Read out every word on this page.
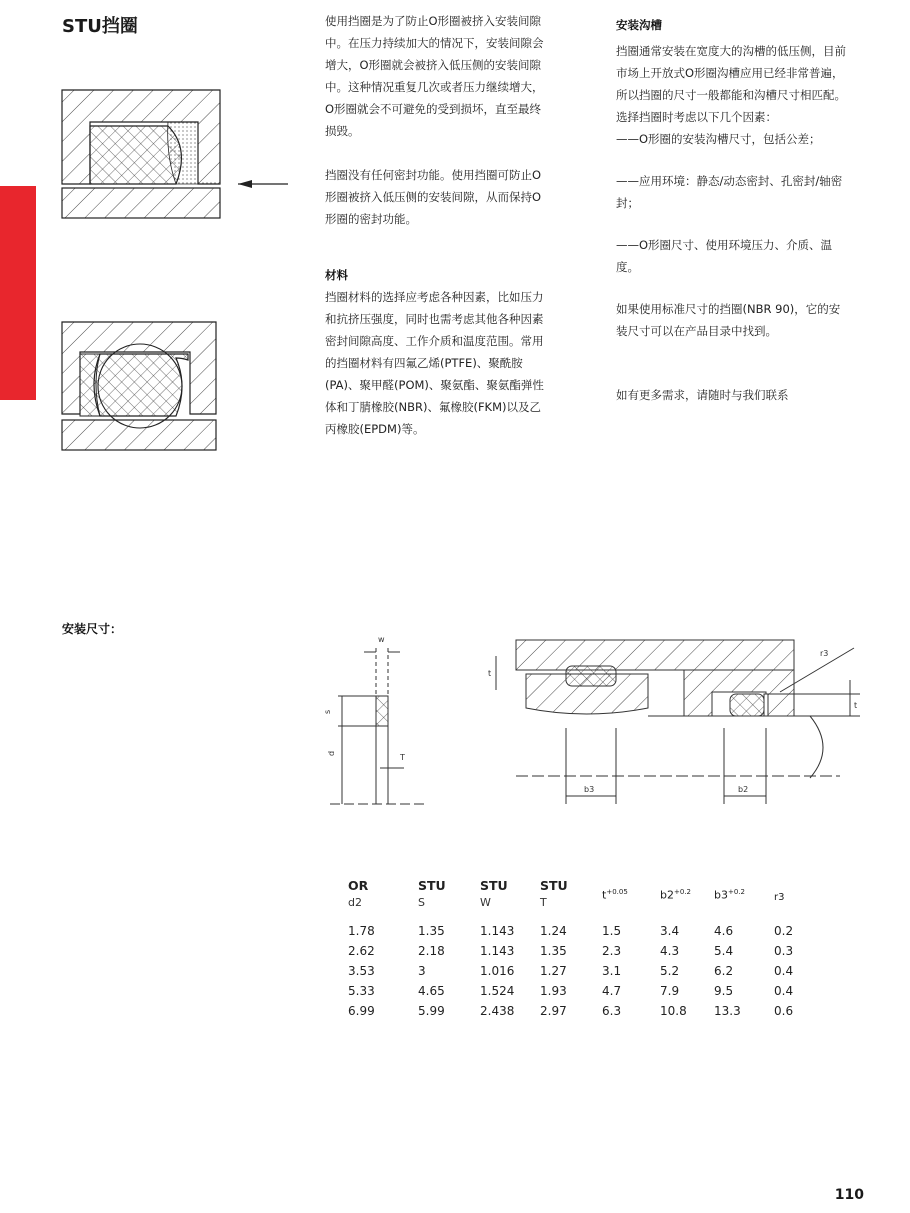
STU挡圈	使用挡圈是为了防止O形圈被挤入安装间隙中。在压力持续加大的情况下，安装间隙会增大，O形圈就会被挤入低压侧的安装间隙中。这种情况重复几次或者压力继续增大，O形圈就会不可避免的受到损坏，直至最终损毁。

挡圈没有任何密封功能。使用挡圈可防止O形圈被挤入低压侧的安装间隙，从而保持O形圈的密封功能。

材料

挡圈材料的选择应考虑各种因素，比如压力和抗挤压强度，同时也需考虑其他各种因素密封间隙高度、工作介质和温度范围。常用的挡圈材料有四氟乙烯(PTFE)、聚酰胺(PA)、聚甲醛(POM)、聚氨酯、聚氨酯弹性体和丁腈橡胶(NBR)、氟橡胶(FKM)以及乙丙橡胶(EPDM)等。

安装沟槽

挡圈通常安装在宽度大的沟槽的低压侧，目前市场上开放式O形圈沟槽应用已经非常普遍，所以挡圈的尺寸一般都能和沟槽尺寸相匹配。选择挡圈时考虑以下几个因素：

——O形圈的安装沟槽尺寸，包括公差；

——应用环境：静态/动态密封、孔密封/轴密封；

——O形圈尺寸、使用环境压力、介质、温度。

如果使用标准尺寸的挡圈(NBR 90)，它的安装尺寸可以在产品目录中找到。

如有更多需求，请随时与我们联系

安装尺寸：
w
s
d	T
t
t
r3
b3	b2
OR	STU	STU	STU	$t^{+0.05}$	$b2^{+0.2}$	$b3^{+0.2}$	r3
d2	S	W	T				
1.78	1.35	1.143	1.24	1.5	3.4	4.6	0.2
2.62	2.18	1.143	1.35	2.3	4.3	5.4	0.3
3.53	3	1.016	1.27	3.1	5.2	6.2	0.4
5.33	4.65	1.524	1.93	4.7	7.9	9.5	0.4
6.99	5.99	2.438	2.97	6.3	10.8	13.3	0.6
110
